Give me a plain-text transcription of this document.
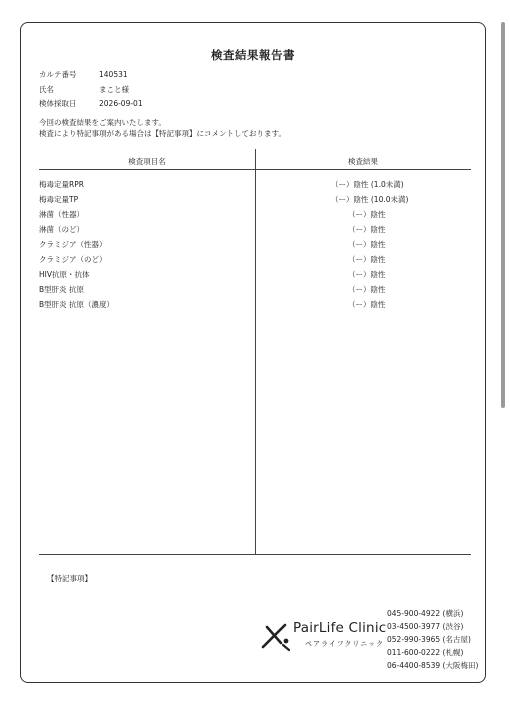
検査結果報告書
カルテ番号	140531
氏名	まこと様
検体採取日	2026-09-01
今回の検査結果をご案内いたします。
検査により特記事項がある場合は【特記事項】にコメントしております。
検査項目名	検査結果
梅毒定量RPR	（ー）陰性 (1.0未満)
梅毒定量TP	（ー）陰性 (10.0未満)
淋菌（性器）	（ー）陰性
淋菌（のど）	（ー）陰性
クラミジア（性器）	（ー）陰性
クラミジア（のど）	（ー）陰性
HIV抗原・抗体	（ー）陰性
B型肝炎 抗原	（ー）陰性
B型肝炎 抗原（濃度）	（ー）陰性
【特記事項】
PairLife Clinic
ペアライフクリニック
045-900-4922 (横浜)
03-4500-3977 (渋谷)
052-990-3965 (名古屋)
011-600-0222 (札幌)
06-4400-8539 (大阪梅田)
